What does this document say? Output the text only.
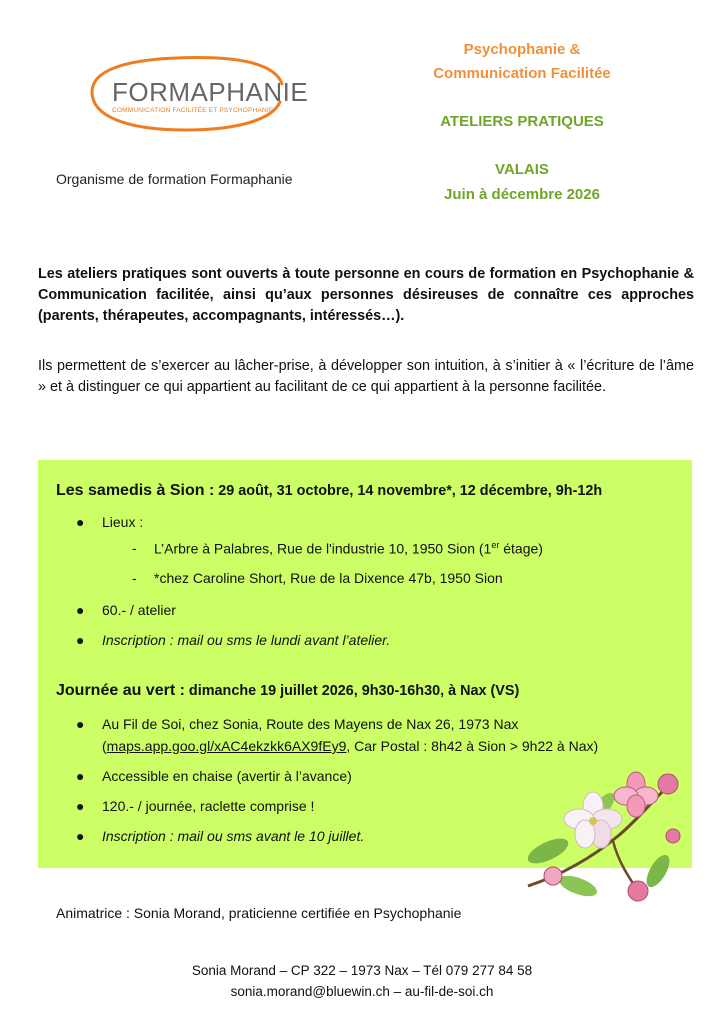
FORMAPHANIE
COMMUNICATION FACILITÉE ET PSYCHOPHANIE
Organisme de formation Formaphanie
Psychophanie &
Communication Facilitée
ATELIERS PRATIQUES
VALAIS
Juin à décembre 2026
Les ateliers pratiques sont ouverts à toute personne en cours de formation en Psychophanie & Communication facilitée, ainsi qu’aux personnes désireuses de connaître ces approches (parents, thérapeutes, accompagnants, intéressés…).
Ils permettent de s’exercer au lâcher-prise, à développer son intuition, à s’initier à « l’écriture de l’âme » et à distinguer ce qui appartient au facilitant de ce qui appartient à la personne facilitée.
Les samedis à Sion : 29 août, 31 octobre, 14 novembre*, 12 décembre, 9h-12h
● Lieux :
- L’Arbre à Palabres, Rue de l'industrie 10, 1950 Sion (1er étage)
- *chez Caroline Short, Rue de la Dixence 47b, 1950 Sion
● 60.- / atelier
● Inscription : mail ou sms le lundi avant l’atelier.
Journée au vert : dimanche 19 juillet 2026, 9h30-16h30, à Nax (VS)
● Au Fil de Soi, chez Sonia, Route des Mayens de Nax 26, 1973 Nax
(maps.app.goo.gl/xAC4ekzkk6AX9fEy9, Car Postal : 8h42 à Sion > 9h22 à Nax)
● Accessible en chaise (avertir à l’avance)
● 120.- / journée, raclette comprise !
● Inscription : mail ou sms avant le 10 juillet.
Animatrice : Sonia Morand, praticienne certifiée en Psychophanie
Sonia Morand – CP 322 – 1973 Nax – Tél 079 277 84 58
sonia.morand@bluewin.ch – au-fil-de-soi.ch
